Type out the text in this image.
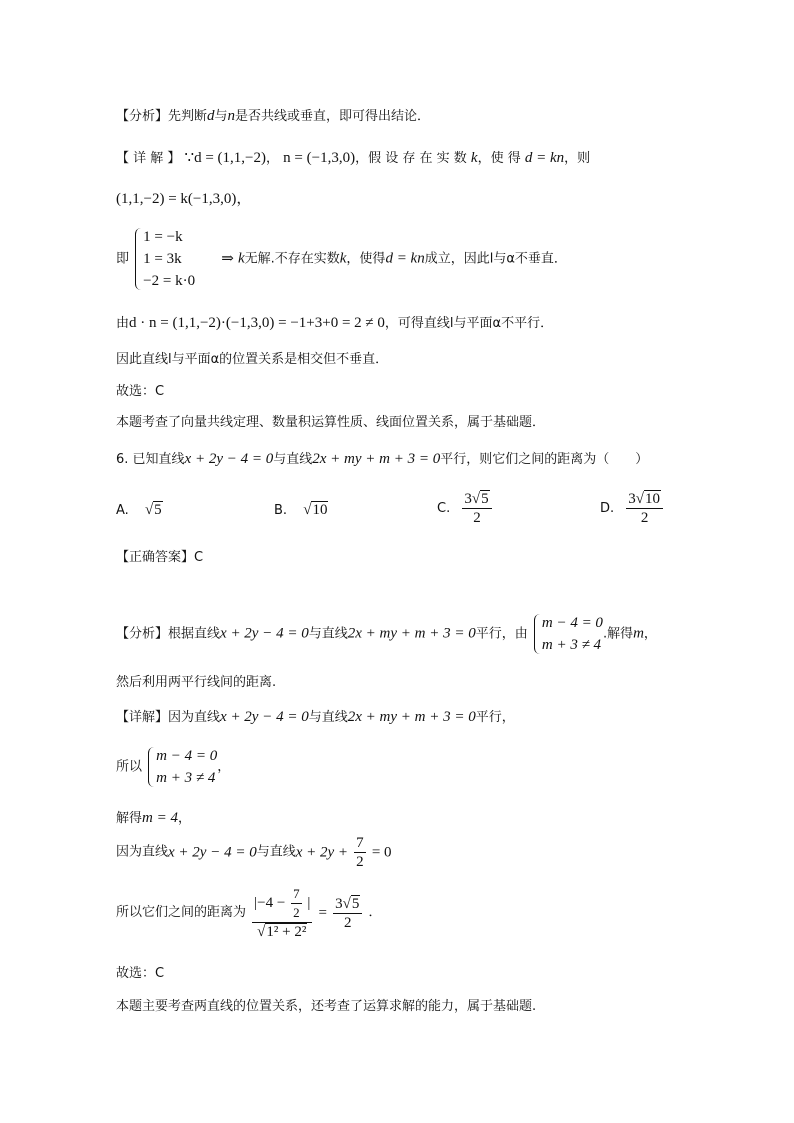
【分析】先判断d与n是否共线或垂直，即可得出结论．
【 详 解 】 ∵d = (1,1,−2)， n = (−1,3,0)，假 设 存 在 实 数 k，使 得 d = kn，则
(1,1,−2) = k(−1,3,0)，
即
1 = −k
1 = 3k
−2 = k·0
⇒ k无解.不存在实数k，使得d = kn成立，因此l与α不垂直．
由d · n = (1,1,−2)·(−1,3,0) = −1+3+0 = 2 ≠ 0，可得直线l与平面α不平行．
因此直线l与平面α的位置关系是相交但不垂直．
故选：C
本题考查了向量共线定理、数量积运算性质、线面位置关系，属于基础题．
6. 已知直线x + 2y − 4 = 0与直线2x + my + m + 3 = 0平行，则它们之间的距离为（　　）
A. √5	B. √10	C. $\frac{3√5}{2}$	D. $\frac{3√10}{2}$
【正确答案】C
【分析】根据直线x + 2y − 4 = 0与直线2x + my + m + 3 = 0平行，由
m − 4 = 0
m + 3 ≠ 4
.解得m，
然后利用两平行线间的距离.
【详解】因为直线x + 2y − 4 = 0与直线2x + my + m + 3 = 0平行，
所以
m − 4 = 0
m + 3 ≠ 4
，
解得m = 4，
因为直线x + 2y − 4 = 0与直线$x + 2y + \frac{7}{2} = 0$
所以它们之间的距离为 $\frac{|-4 - \frac{7}{2} |}{\text{√1² + 2²}} = \frac{3√5}{2}$ ．
故选：C
本题主要考查两直线的位置关系，还考查了运算求解的能力，属于基础题.
